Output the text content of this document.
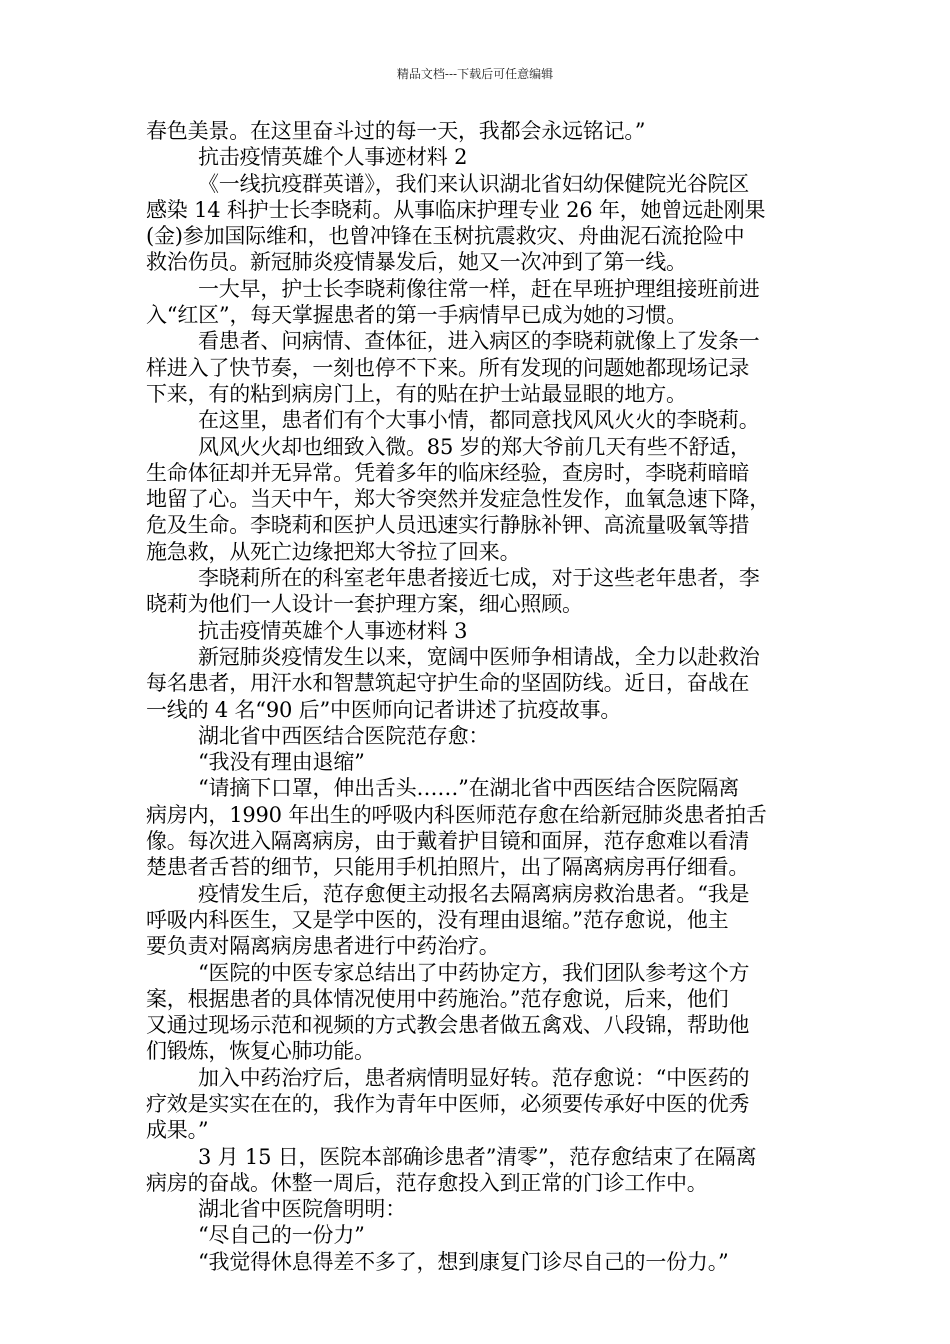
精品文档---下载后可任意编辑
春色美景。在这里奋斗过的每一天，我都会永远铭记。”
抗击疫情英雄个人事迹材料 2
《一线抗疫群英谱》，我们来认识湖北省妇幼保健院光谷院区
感染 14 科护士长李晓莉。从事临床护理专业 26 年，她曾远赴刚果
(金)参加国际维和，也曾冲锋在玉树抗震救灾、舟曲泥石流抢险中
救治伤员。新冠肺炎疫情暴发后，她又一次冲到了第一线。
一大早，护士长李晓莉像往常一样，赶在早班护理组接班前进
入“红区”，每天掌握患者的第一手病情早已成为她的习惯。
看患者、问病情、查体征，进入病区的李晓莉就像上了发条一
样进入了快节奏，一刻也停不下来。所有发现的问题她都现场记录
下来，有的粘到病房门上，有的贴在护士站最显眼的地方。
在这里，患者们有个大事小情，都同意找风风火火的李晓莉。
风风火火却也细致入微。85 岁的郑大爷前几天有些不舒适，
生命体征却并无异常。凭着多年的临床经验，查房时，李晓莉暗暗
地留了心。当天中午，郑大爷突然并发症急性发作，血氧急速下降，
危及生命。李晓莉和医护人员迅速实行静脉补钾、高流量吸氧等措
施急救，从死亡边缘把郑大爷拉了回来。
李晓莉所在的科室老年患者接近七成，对于这些老年患者，李
晓莉为他们一人设计一套护理方案，细心照顾。
抗击疫情英雄个人事迹材料 3
新冠肺炎疫情发生以来，宽阔中医师争相请战，全力以赴救治
每名患者，用汗水和智慧筑起守护生命的坚固防线。近日，奋战在
一线的 4 名“90 后”中医师向记者讲述了抗疫故事。
湖北省中西医结合医院范存愈：
“我没有理由退缩”
“请摘下口罩，伸出舌头……”在湖北省中西医结合医院隔离
病房内，1990 年出生的呼吸内科医师范存愈在给新冠肺炎患者拍舌
像。每次进入隔离病房，由于戴着护目镜和面屏，范存愈难以看清
楚患者舌苔的细节，只能用手机拍照片，出了隔离病房再仔细看。
疫情发生后，范存愈便主动报名去隔离病房救治患者。“我是
呼吸内科医生，又是学中医的，没有理由退缩。”范存愈说，他主
要负责对隔离病房患者进行中药治疗。
“医院的中医专家总结出了中药协定方，我们团队参考这个方
案，根据患者的具体情况使用中药施治。”范存愈说，后来，他们
又通过现场示范和视频的方式教会患者做五禽戏、八段锦，帮助他
们锻炼，恢复心肺功能。
加入中药治疗后，患者病情明显好转。范存愈说：“中医药的
疗效是实实在在的，我作为青年中医师，必须要传承好中医的优秀
成果。”
3 月 15 日，医院本部确诊患者”清零”，范存愈结束了在隔离
病房的奋战。休整一周后，范存愈投入到正常的门诊工作中。
湖北省中医院詹明明：
“尽自己的一份力”
“我觉得休息得差不多了，想到康复门诊尽自己的一份力。”
